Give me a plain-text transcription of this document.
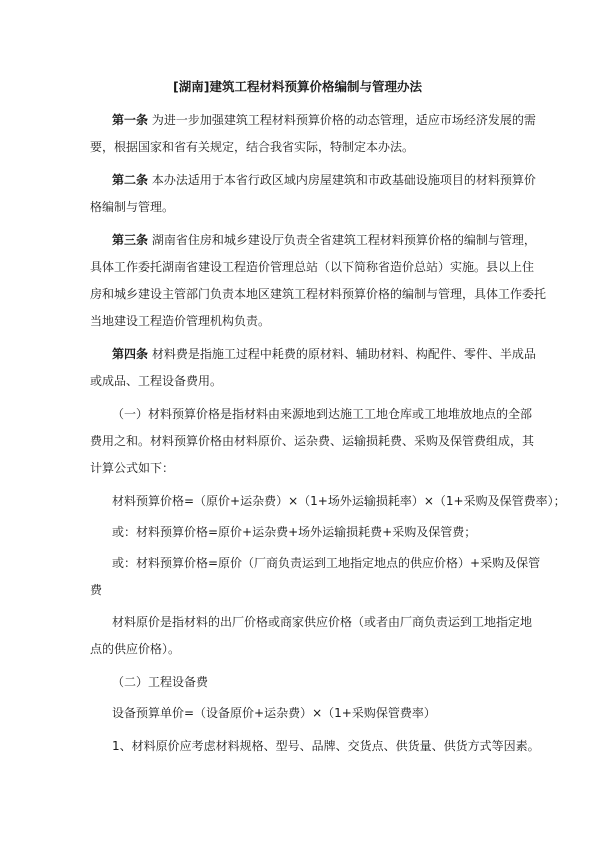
[湖南]建筑工程材料预算价格编制与管理办法
第一条 为进一步加强建筑工程材料预算价格的动态管理，适应市场经济发展的需
要，根据国家和省有关规定，结合我省实际，特制定本办法。
第二条 本办法适用于本省行政区域内房屋建筑和市政基础设施项目的材料预算价
格编制与管理。
第三条 湖南省住房和城乡建设厅负责全省建筑工程材料预算价格的编制与管理，
具体工作委托湖南省建设工程造价管理总站（以下简称省造价总站）实施。县以上住
房和城乡建设主管部门负责本地区建筑工程材料预算价格的编制与管理，具体工作委托
当地建设工程造价管理机构负责。
第四条 材料费是指施工过程中耗费的原材料、辅助材料、构配件、零件、半成品
或成品、工程设备费用。
（一）材料预算价格是指材料由来源地到达施工工地仓库或工地堆放地点的全部
费用之和。材料预算价格由材料原价、运杂费、运输损耗费、采购及保管费组成，其
计算公式如下：
材料预算价格=（原价+运杂费）×（1+场外运输损耗率）×（1+采购及保管费率）；
或：材料预算价格=原价+运杂费+场外运输损耗费+采购及保管费；
或：材料预算价格=原价（厂商负责运到工地指定地点的供应价格）+采购及保管
费
材料原价是指材料的出厂价格或商家供应价格（或者由厂商负责运到工地指定地
点的供应价格）。
（二）工程设备费
设备预算单价=（设备原价+运杂费）×（1+采购保管费率）
1、材料原价应考虑材料规格、型号、品牌、交货点、供货量、供货方式等因素。
